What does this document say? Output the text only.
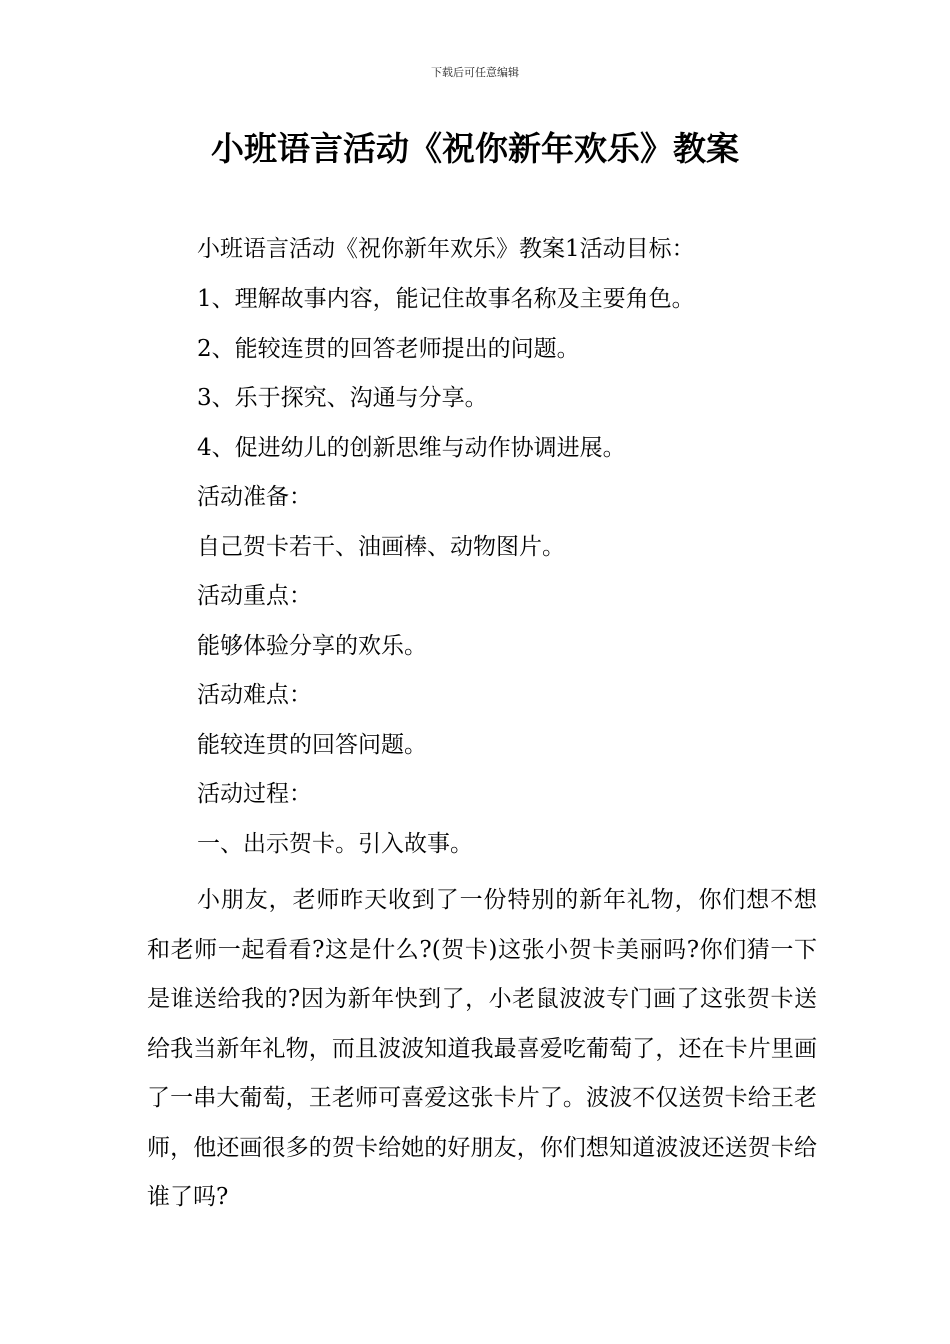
下载后可任意编辑
小班语言活动《祝你新年欢乐》教案
小班语言活动《祝你新年欢乐》教案1活动目标：
1、理解故事内容，能记住故事名称及主要角色。
2、能较连贯的回答老师提出的问题。
3、乐于探究、沟通与分享。
4、促进幼儿的创新思维与动作协调进展。
活动准备：
自己贺卡若干、油画棒、动物图片。
活动重点：
能够体验分享的欢乐。
活动难点：
能较连贯的回答问题。
活动过程：
一、出示贺卡。引入故事。

小朋友，老师昨天收到了一份特别的新年礼物，你们想不想和老师一起看看?这是什么?(贺卡)这张小贺卡美丽吗?你们猜一下是谁送给我的?因为新年快到了，小老鼠波波专门画了这张贺卡送给我当新年礼物，而且波波知道我最喜爱吃葡萄了，还在卡片里画了一串大葡萄，王老师可喜爱这张卡片了。波波不仅送贺卡给王老师，他还画很多的贺卡给她的好朋友，你们想知道波波还送贺卡给谁了吗?
